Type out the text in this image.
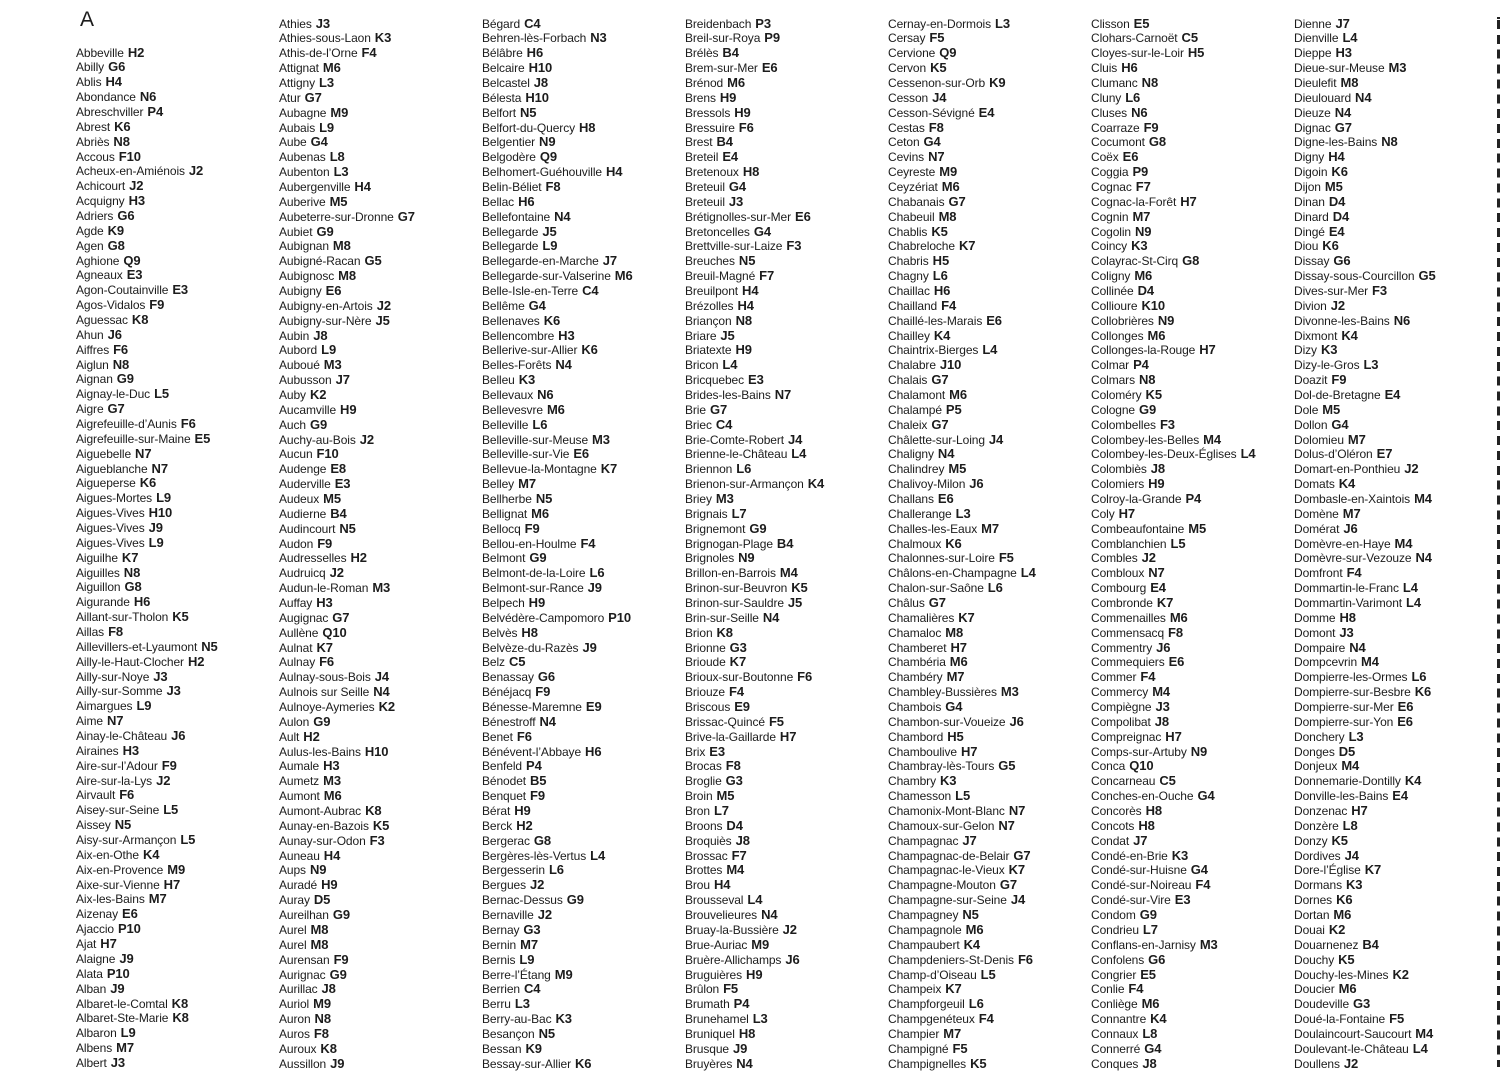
A
Abbeville H2
Abilly G6
Ablis H4
Abondance N6
Abreschviller P4
Abrest K6
Abriès N8
Accous F10
Acheux-en-Amiénois J2
Achicourt J2
Acquigny H3
Adriers G6
Agde K9
Agen G8
Aghione Q9
Agneaux E3
Agon-Coutainville E3
Agos-Vidalos F9
Aguessac K8
Ahun J6
Aiffres F6
Aiglun N8
Aignan G9
Aignay-le-Duc L5
Aigre G7
Aigrefeuille-d’Aunis F6
Aigrefeuille-sur-Maine E5
Aiguebelle N7
Aigueblanche N7
Aigueperse K6
Aigues-Mortes L9
Aigues-Vives H10
Aigues-Vives J9
Aigues-Vives L9
Aiguilhe K7
Aiguilles N8
Aiguillon G8
Aigurande H6
Aillant-sur-Tholon K5
Aillas F8
Aillevillers-et-Lyaumont N5
Ailly-le-Haut-Clocher H2
Ailly-sur-Noye J3
Ailly-sur-Somme J3
Aimargues L9
Aime N7
Ainay-le-Château J6
Airaines H3
Aire-sur-l’Adour F9
Aire-sur-la-Lys J2
Airvault F6
Aisey-sur-Seine L5
Aissey N5
Aisy-sur-Armançon L5
Aix-en-Othe K4
Aix-en-Provence M9
Aixe-sur-Vienne H7
Aix-les-Bains M7
Aizenay E6
Ajaccio P10
Ajat H7
Alaigne J9
Alata P10
Alban J9
Albaret-le-Comtal K8
Albaret-Ste-Marie K8
Albaron L9
Albens M7
Albert J3
Athies J3
Athies-sous-Laon K3
Athis-de-l’Orne F4
Attignat M6
Attigny L3
Atur G7
Aubagne M9
Aubais L9
Aube G4
Aubenas L8
Aubenton L3
Aubergenville H4
Auberive M5
Aubeterre-sur-Dronne G7
Aubiet G9
Aubignan M8
Aubigné-Racan G5
Aubignosc M8
Aubigny E6
Aubigny-en-Artois J2
Aubigny-sur-Nère J5
Aubin J8
Aubord L9
Auboué M3
Aubusson J7
Auby K2
Aucamville H9
Auch G9
Auchy-au-Bois J2
Aucun F10
Audenge E8
Auderville E3
Audeux M5
Audierne B4
Audincourt N5
Audon F9
Audresselles H2
Audruicq J2
Audun-le-Roman M3
Auffay H3
Augignac G7
Aullène Q10
Aulnat K7
Aulnay F6
Aulnay-sous-Bois J4
Aulnois sur Seille N4
Aulnoye-Aymeries K2
Aulon G9
Ault H2
Aulus-les-Bains H10
Aumale H3
Aumetz M3
Aumont M6
Aumont-Aubrac K8
Aunay-en-Bazois K5
Aunay-sur-Odon F3
Auneau H4
Aups N9
Auradé H9
Auray D5
Aureilhan G9
Aurel M8
Aurel M8
Aurensan F9
Aurignac G9
Aurillac J8
Auriol M9
Auron N8
Auros F8
Auroux K8
Aussillon J9
Bégard C4
Behren-lès-Forbach N3
Bélâbre H6
Belcaire H10
Belcastel J8
Bélesta H10
Belfort N5
Belfort-du-Quercy H8
Belgentier N9
Belgodère Q9
Belhomert-Guéhouville H4
Belin-Béliet F8
Bellac H6
Bellefontaine N4
Bellegarde J5
Bellegarde L9
Bellegarde-en-Marche J7
Bellegarde-sur-Valserine M6
Belle-Isle-en-Terre C4
Bellême G4
Bellenaves K6
Bellencombre H3
Bellerive-sur-Allier K6
Belles-Forêts N4
Belleu K3
Bellevaux N6
Bellevesvre M6
Belleville L6
Belleville-sur-Meuse M3
Belleville-sur-Vie E6
Bellevue-la-Montagne K7
Belley M7
Bellherbe N5
Bellignat M6
Bellocq F9
Bellou-en-Houlme F4
Belmont G9
Belmont-de-la-Loire L6
Belmont-sur-Rance J9
Belpech H9
Belvédère-Campomoro P10
Belvès H8
Belvèze-du-Razès J9
Belz C5
Benassay G6
Bénéjacq F9
Bénesse-Maremne E9
Bénestroff N4
Benet F6
Bénévent-l’Abbaye H6
Benfeld P4
Bénodet B5
Benquet F9
Bérat H9
Berck H2
Bergerac G8
Bergères-lès-Vertus L4
Bergesserin L6
Bergues J2
Bernac-Dessus G9
Bernaville J2
Bernay G3
Bernin M7
Bernis L9
Berre-l’Étang M9
Berrien C4
Berru L3
Berry-au-Bac K3
Besançon N5
Bessan K9
Bessay-sur-Allier K6
Breidenbach P3
Breil-sur-Roya P9
Brélès B4
Brem-sur-Mer E6
Brénod M6
Brens H9
Bressols H9
Bressuire F6
Brest B4
Breteil E4
Bretenoux H8
Breteuil G4
Breteuil J3
Brétignolles-sur-Mer E6
Bretoncelles G4
Brettville-sur-Laize F3
Breuches N5
Breuil-Magné F7
Breuilpont H4
Brézolles H4
Briançon N8
Briare J5
Briatexte H9
Bricon L4
Bricquebec E3
Brides-les-Bains N7
Brie G7
Briec C4
Brie-Comte-Robert J4
Brienne-le-Château L4
Briennon L6
Brienon-sur-Armançon K4
Briey M3
Brignais L7
Brignemont G9
Brignogan-Plage B4
Brignoles N9
Brillon-en-Barrois M4
Brinon-sur-Beuvron K5
Brinon-sur-Sauldre J5
Brin-sur-Seille N4
Brion K8
Brionne G3
Brioude K7
Brioux-sur-Boutonne F6
Briouze F4
Briscous E9
Brissac-Quincé F5
Brive-la-Gaillarde H7
Brix E3
Brocas F8
Broglie G3
Broin M5
Bron L7
Broons D4
Broquiès J8
Brossac F7
Brottes M4
Brou H4
Brousseval L4
Brouvelieures N4
Bruay-la-Bussière J2
Brue-Auriac M9
Bruère-Allichamps J6
Bruguières H9
Brûlon F5
Brumath P4
Brunehamel L3
Bruniquel H8
Brusque J9
Bruyères N4
Cernay-en-Dormois L3
Cersay F5
Cervione Q9
Cervon K5
Cessenon-sur-Orb K9
Cesson J4
Cesson-Sévigné E4
Cestas F8
Ceton G4
Cevins N7
Ceyreste M9
Ceyzériat M6
Chabanais G7
Chabeuil M8
Chablis K5
Chabreloche K7
Chabris H5
Chagny L6
Chaillac H6
Chailland F4
Chaillé-les-Marais E6
Chailley K4
Chaintrix-Bierges L4
Chalabre J10
Chalais G7
Chalamont M6
Chalampé P5
Chaleix G7
Châlette-sur-Loing J4
Chaligny N4
Chalindrey M5
Chalivoy-Milon J6
Challans E6
Challerange L3
Challes-les-Eaux M7
Chalmoux K6
Chalonnes-sur-Loire F5
Châlons-en-Champagne L4
Chalon-sur-Saône L6
Châlus G7
Chamalières K7
Chamaloc M8
Chamberet H7
Chambéria M6
Chambéry M7
Chambley-Bussières M3
Chambois G4
Chambon-sur-Voueize J6
Chambord H5
Chamboulive H7
Chambray-lès-Tours G5
Chambry K3
Chamesson L5
Chamonix-Mont-Blanc N7
Chamoux-sur-Gelon N7
Champagnac J7
Champagnac-de-Belair G7
Champagnac-le-Vieux K7
Champagne-Mouton G7
Champagne-sur-Seine J4
Champagney N5
Champagnole M6
Champaubert K4
Champdeniers-St-Denis F6
Champ-d’Oiseau L5
Champeix K7
Champforgeuil L6
Champgenéteux F4
Champier M7
Champigné F5
Champignelles K5
Clisson E5
Clohars-Carnoët C5
Cloyes-sur-le-Loir H5
Cluis H6
Clumanc N8
Cluny L6
Cluses N6
Coarraze F9
Cocumont G8
Coëx E6
Coggia P9
Cognac F7
Cognac-la-Forêt H7
Cognin M7
Cogolin N9
Coincy K3
Colayrac-St-Cirq G8
Coligny M6
Collinée D4
Collioure K10
Collobrières N9
Collonges M6
Collonges-la-Rouge H7
Colmar P4
Colmars N8
Coloméry K5
Cologne G9
Colombelles F3
Colombey-les-Belles M4
Colombey-les-Deux-Églises L4
Colombiès J8
Colomiers H9
Colroy-la-Grande P4
Coly H7
Combeaufontaine M5
Comblanchien L5
Combles J2
Combloux N7
Combourg E4
Combronde K7
Commenailles M6
Commensacq F8
Commentry J6
Commequiers E6
Commer F4
Commercy M4
Compiègne J3
Compolibat J8
Compreignac H7
Comps-sur-Artuby N9
Conca Q10
Concarneau C5
Conches-en-Ouche G4
Concorès H8
Concots H8
Condat J7
Condé-en-Brie K3
Condé-sur-Huisne G4
Condé-sur-Noireau F4
Condé-sur-Vire E3
Condom G9
Condrieu L7
Conflans-en-Jarnisy M3
Confolens G6
Congrier E5
Conlie F4
Conliège M6
Connantre K4
Connaux L8
Connerré G4
Conques J8
Dienne J7
Dienville L4
Dieppe H3
Dieue-sur-Meuse M3
Dieulefit M8
Dieulouard N4
Dieuze N4
Dignac G7
Digne-les-Bains N8
Digny H4
Digoin K6
Dijon M5
Dinan D4
Dinard D4
Dingé E4
Diou K6
Dissay G6
Dissay-sous-Courcillon G5
Dives-sur-Mer F3
Divion J2
Divonne-les-Bains N6
Dixmont K4
Dizy K3
Dizy-le-Gros L3
Doazit F9
Dol-de-Bretagne E4
Dole M5
Dollon G4
Dolomieu M7
Dolus-d’Oléron E7
Domart-en-Ponthieu J2
Domats K4
Dombasle-en-Xaintois M4
Domène M7
Domérat J6
Domèvre-en-Haye M4
Domèvre-sur-Vezouze N4
Domfront F4
Dommartin-le-Franc L4
Dommartin-Varimont L4
Domme H8
Domont J3
Dompaire N4
Dompcevrin M4
Dompierre-les-Ormes L6
Dompierre-sur-Besbre K6
Dompierre-sur-Mer E6
Dompierre-sur-Yon E6
Donchery L3
Donges D5
Donjeux M4
Donnemarie-Dontilly K4
Donville-les-Bains E4
Donzenac H7
Donzère L8
Donzy K5
Dordives J4
Dore-l’Église K7
Dormans K3
Dornes K6
Dortan M6
Douai K2
Douarnenez B4
Douchy K5
Douchy-les-Mines K2
Doucier M6
Doudeville G3
Doué-la-Fontaine F5
Doulaincourt-Saucourt M4
Doulevant-le-Château L4
Doullens J2
